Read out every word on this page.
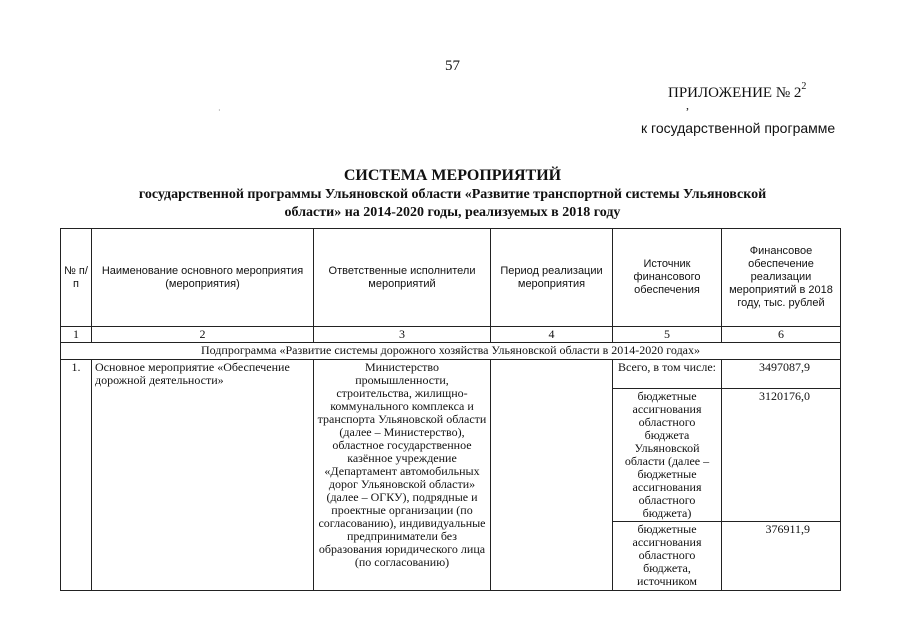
57
ПРИЛОЖЕНИЕ № $2^2$
,
к государственной программе
·
СИСТЕМА МЕРОПРИЯТИЙ
государственной программы Ульяновской области «Развитие транспортной системы Ульяновской области» на 2014-2020 годы, реализуемых в 2018 году
№ п/п	Наименование основного мероприятия (мероприятия)	Ответственные исполнители мероприятий	Период реализации мероприятия	Источник финансового обеспечения	Финансовое обеспечение реализации мероприятий в 2018 году, тыс. рублей
1	2	3	4	5	6
Подпрограмма «Развитие системы дорожного хозяйства Ульяновской области в 2014-2020 годах»					
1.	Основное мероприятие «Обеспечение дорожной деятельности»	Министерство промышленности, строительства, жилищно-коммунального комплекса и транспорта Ульяновской области (далее – Министерство), областное государственное казённое учреждение «Департамент автомобильных дорог Ульяновской области» (далее – ОГКУ), подрядные и проектные организации (по согласованию), индивидуальные предприниматели без образования юридического лица (по согласованию)		Всего, в том числе:	3497087,9
				бюджетные ассигнования областного бюджета Ульяновской области (далее – бюджетные ассигнования областного бюджета)	3120176,0
				бюджетные ассигнования областного бюджета, источником	376911,9
